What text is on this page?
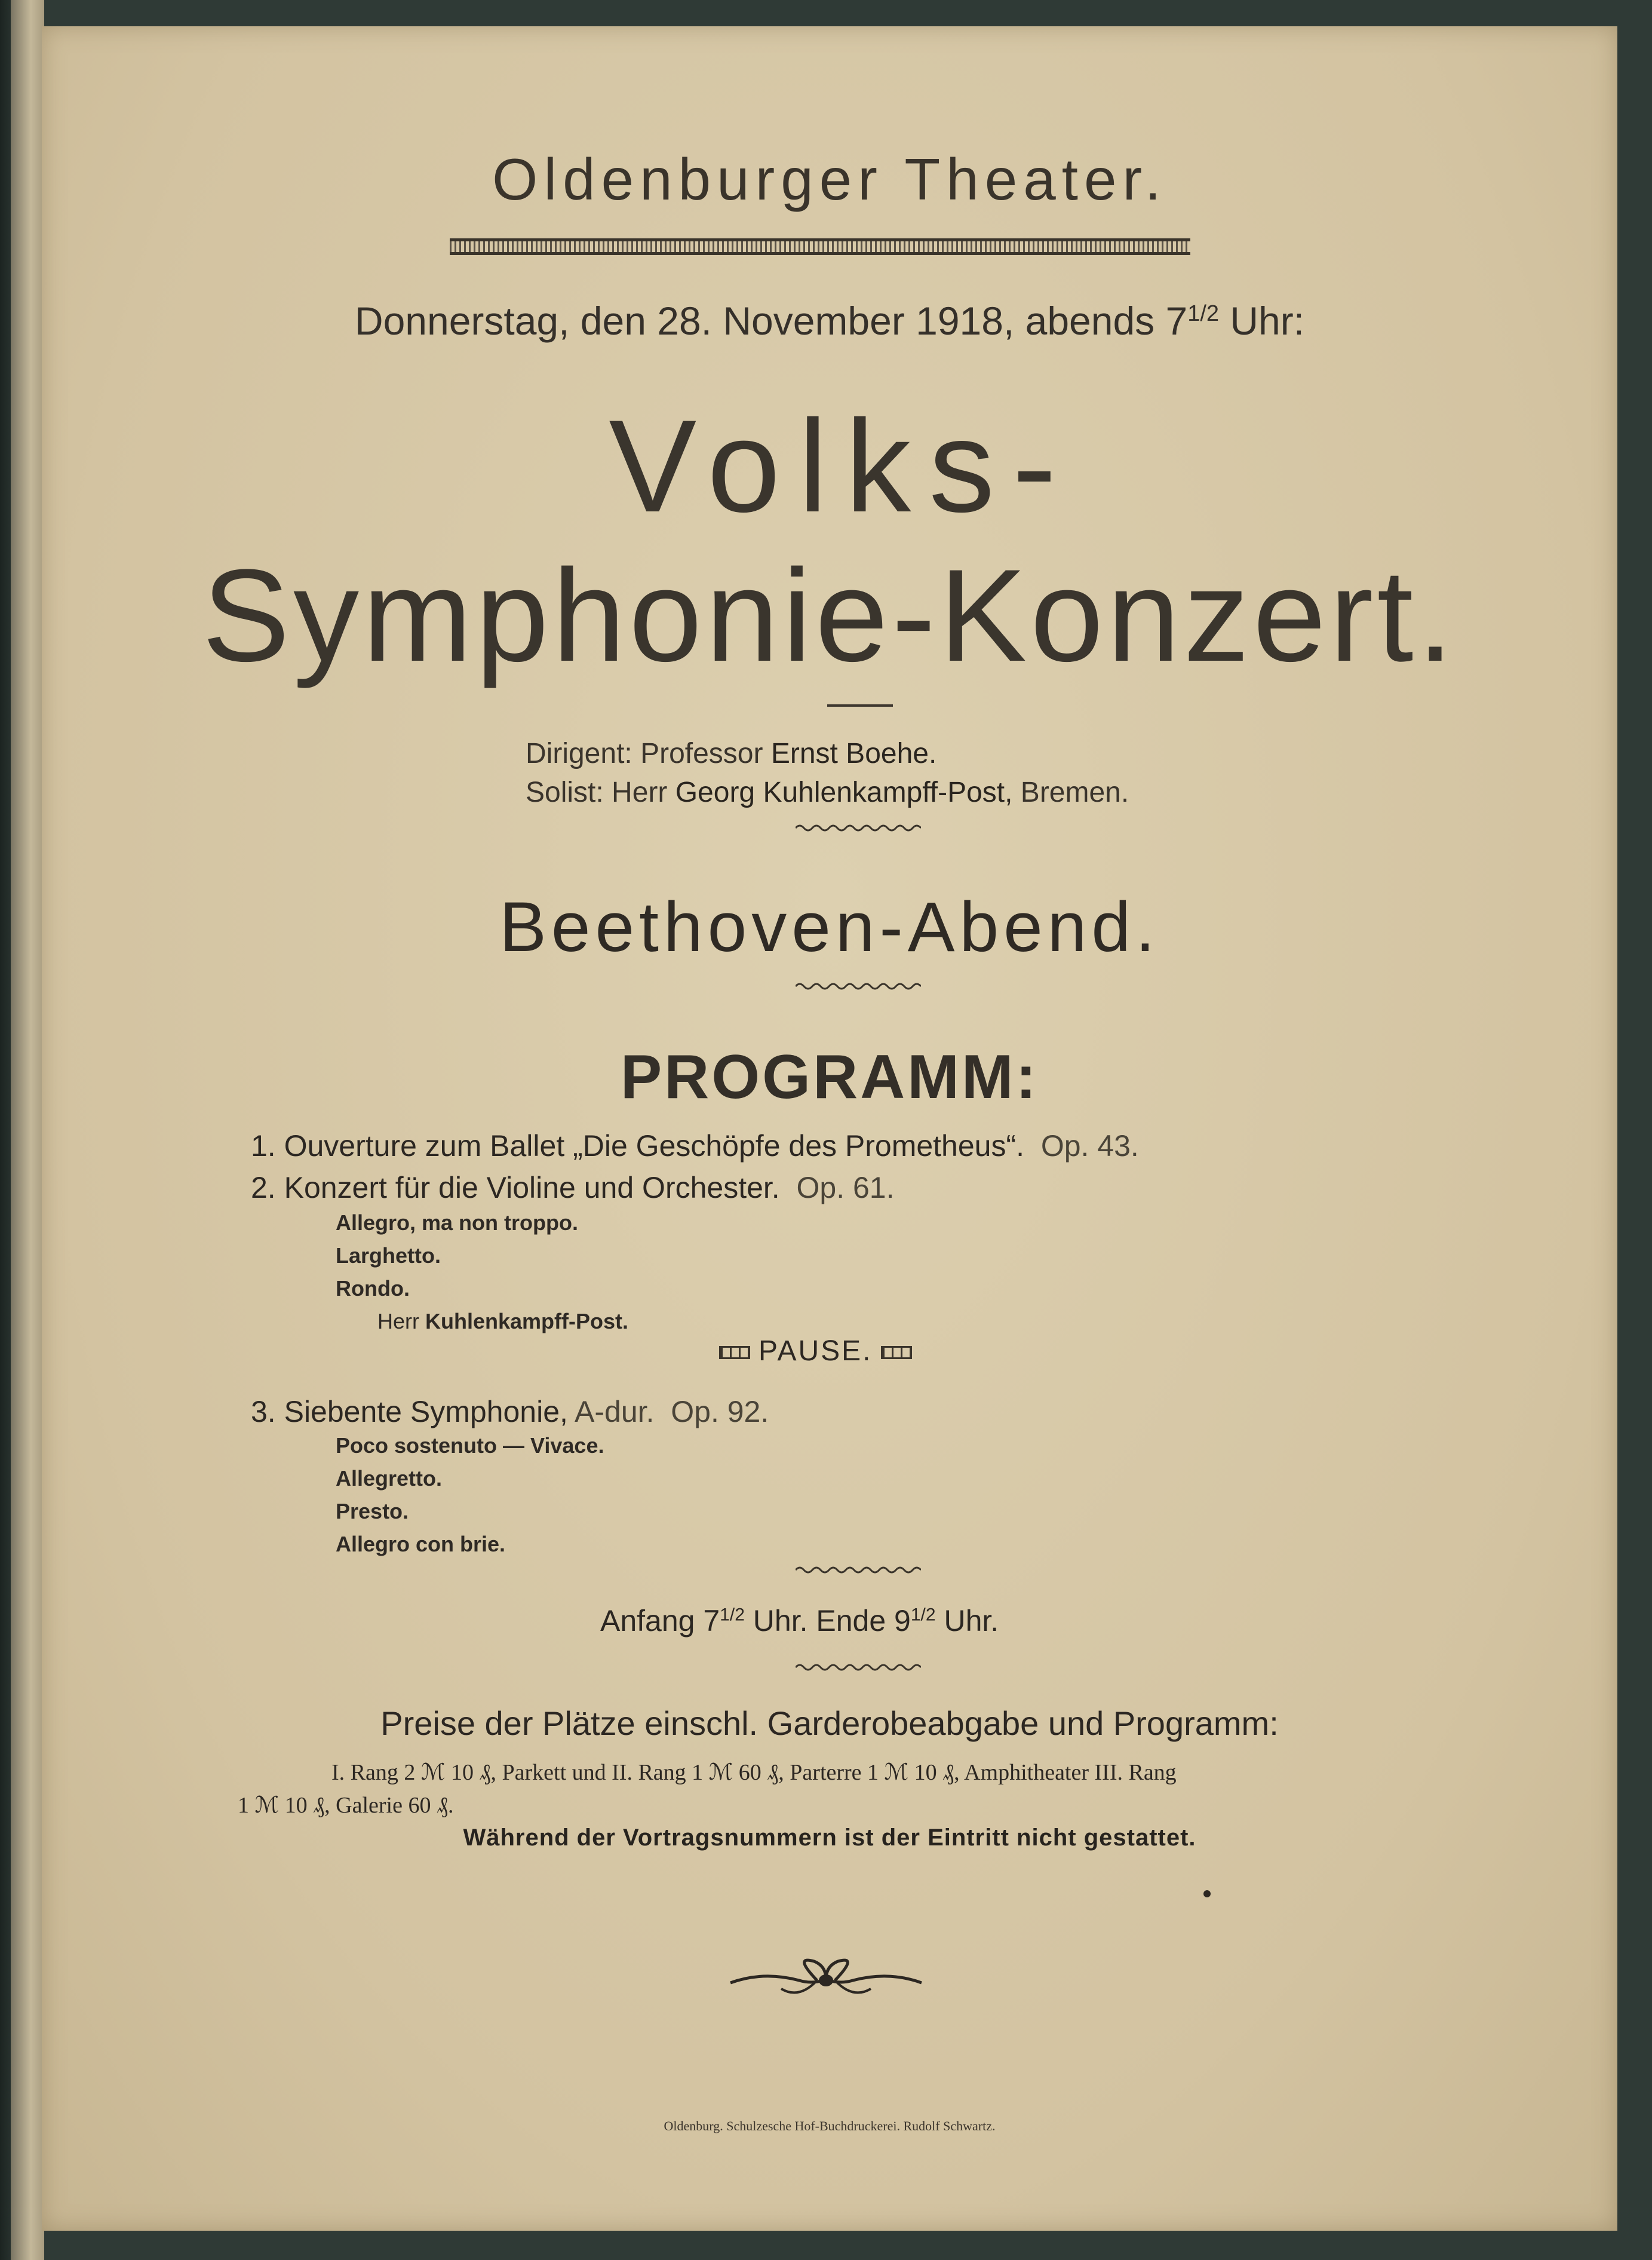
Oldenburger Theater.
Donnerstag, den 28. November 1918, abends $7^{1/2}$ Uhr:
Volks-
Symphonie-Konzert.
Dirigent: Professor Ernst Boehe.
Solist: Herr Georg Kuhlenkampff-Post, Bremen.
Beethoven-Abend.
PROGRAMM:
1. Ouverture zum Ballet „Die Geschöpfe des Prometheus“. Op. 43.
2. Konzert für die Violine und Orchester. Op. 61.
Allegro, ma non troppo.
Larghetto.
Rondo.
Herr Kuhlenkampff-Post.
PAUSE.
3. Siebente Symphonie, A-dur. Op. 92.
Poco sostenuto — Vivace.
Allegretto.
Presto.
Allegro con brie.
Anfang $7^{1/2}$ Uhr. Ende $9^{1/2}$ Uhr.
Preise der Plätze einschl. Garderobeabgabe und Programm:
I. Rang 2 ℳ 10 ₰, Parkett und II. Rang 1 ℳ 60 ₰, Parterre 1 ℳ 10 ₰, Amphitheater III. Rang
1 ℳ 10 ₰, Galerie 60 ₰.
Während der Vortragsnummern ist der Eintritt nicht gestattet.
Oldenburg. Schulzesche Hof-Buchdruckerei. Rudolf Schwartz.
